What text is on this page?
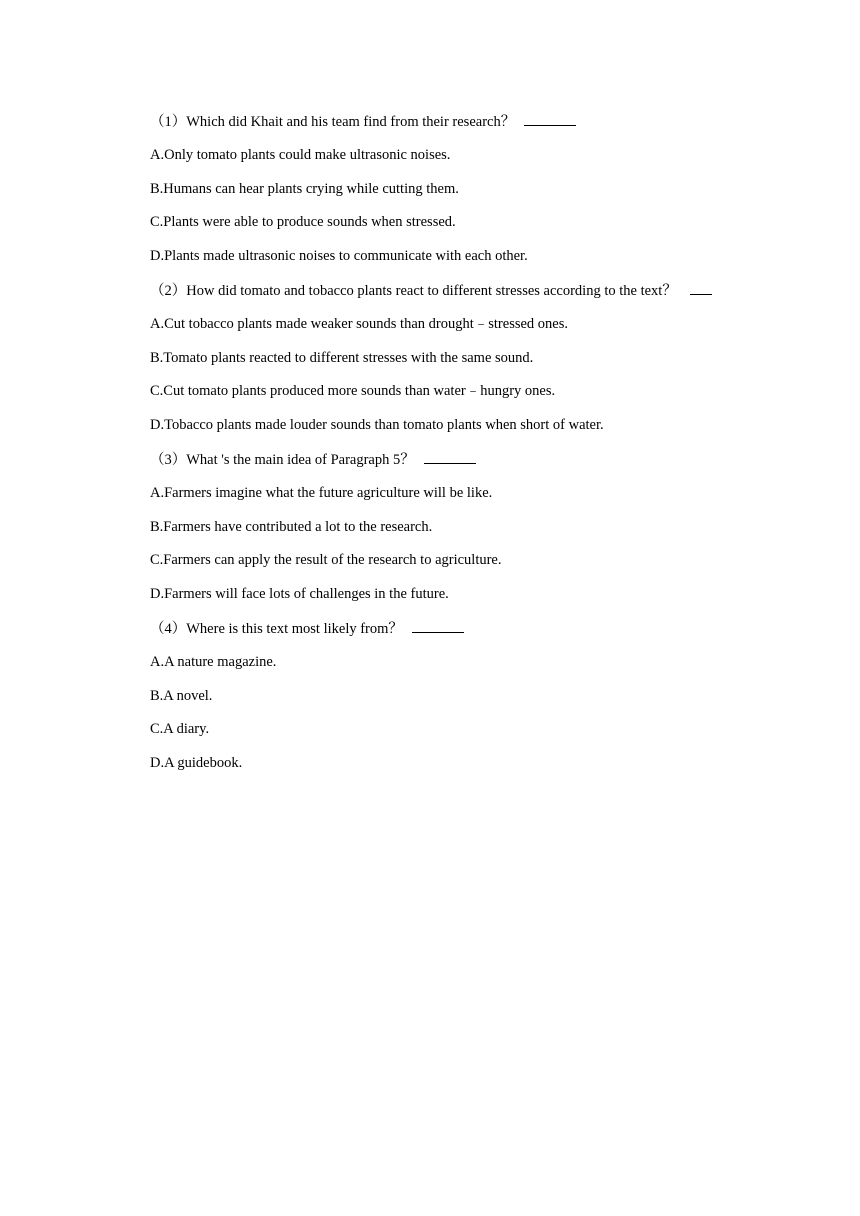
（1）Which did Khait and his team find from their research？
A.Only tomato plants could make ultrasonic noises.
B.Humans can hear plants crying while cutting them.
C.Plants were able to produce sounds when stressed.
D.Plants made ultrasonic noises to communicate with each other.
（2）How did tomato and tobacco plants react to different stresses according to the text？
A.Cut tobacco plants made weaker sounds than drought﹣stressed ones.
B.Tomato plants reacted to different stresses with the same sound.
C.Cut tomato plants produced more sounds than water﹣hungry ones.
D.Tobacco plants made louder sounds than tomato plants when short of water.
（3）What 's the main idea of Paragraph 5？
A.Farmers imagine what the future agriculture will be like.
B.Farmers have contributed a lot to the research.
C.Farmers can apply the result of the research to agriculture.
D.Farmers will face lots of challenges in the future.
（4）Where is this text most likely from？
A.A nature magazine.
B.A novel.
C.A diary.
D.A guidebook.
